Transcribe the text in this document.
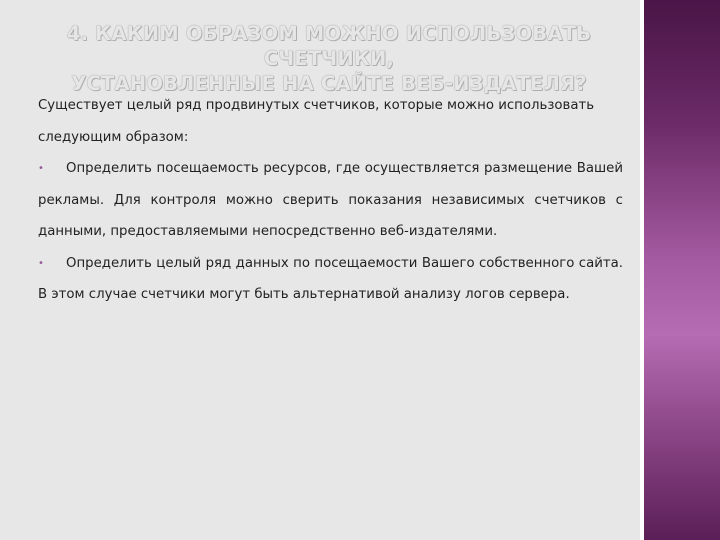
4. КАКИМ ОБРАЗОМ МОЖНО ИСПОЛЬЗОВАТЬ СЧЕТЧИКИ,
УСТАНОВЛЕННЫЕ НА САЙТЕ ВЕБ-ИЗДАТЕЛЯ?

Существует целый ряд продвинутых счетчиков, которые можно использовать следующим образом:

• Определить посещаемость ресурсов, где осуществляется размещение Вашей рекламы. Для контроля можно сверить показания независимых счетчиков с данными, предоставляемыми непосредственно веб-издателями.

• Определить целый ряд данных по посещаемости Вашего собственного сайта. В этом случае счетчики могут быть альтернативой анализу логов сервера.
